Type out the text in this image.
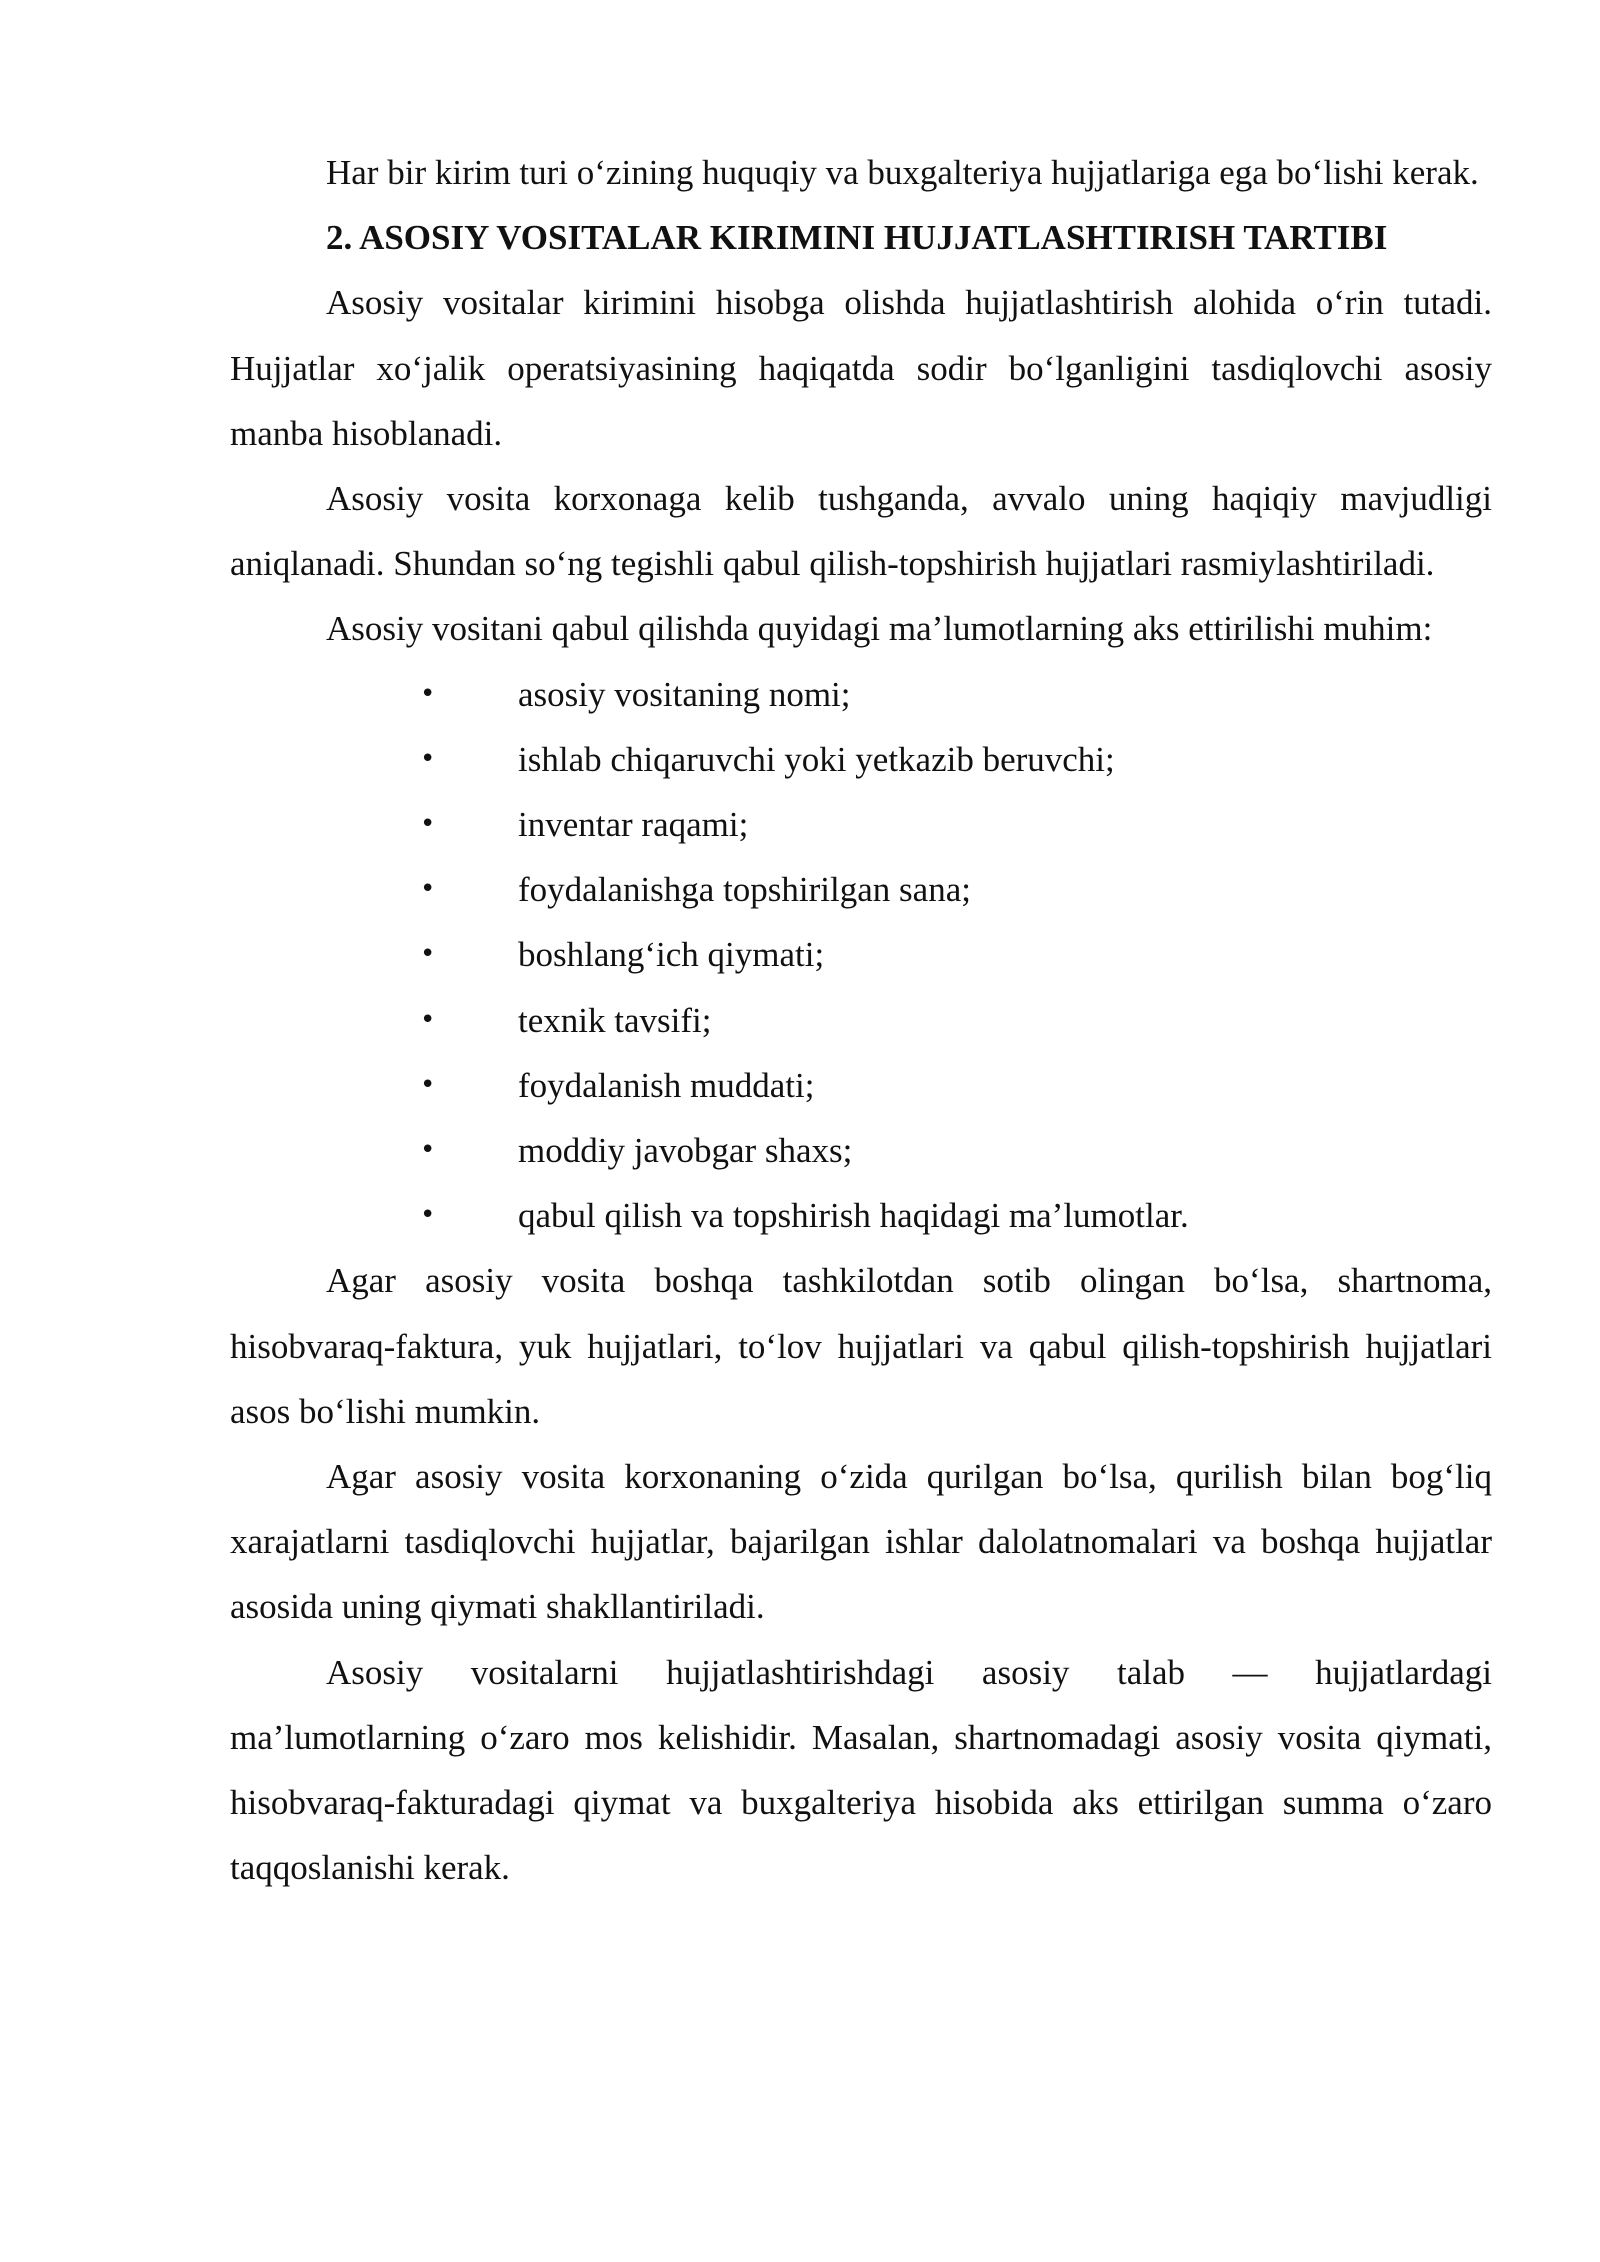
Har bir kirim turi o‘zining huquqiy va buxgalteriya hujjatlariga ega bo‘lishi kerak.

2. ASOSIY VOSITALAR KIRIMINI HUJJATLASHTIRISH TARTIBI

Asosiy vositalar kirimini hisobga olishda hujjatlashtirish alohida o‘rin tutadi. Hujjatlar xo‘jalik operatsiyasining haqiqatda sodir bo‘lganligini tasdiqlovchi asosiy manba hisoblanadi.

Asosiy vosita korxonaga kelib tushganda, avvalo uning haqiqiy mavjudligi aniqlanadi. Shundan so‘ng tegishli qabul qilish-topshirish hujjatlari rasmiylashtiriladi.

Asosiy vositani qabul qilishda quyidagi ma’lumotlarning aks ettirilishi muhim:

• asosiy vositaning nomi;
• ishlab chiqaruvchi yoki yetkazib beruvchi;
• inventar raqami;
• foydalanishga topshirilgan sana;
• boshlang‘ich qiymati;
• texnik tavsifi;
• foydalanish muddati;
• moddiy javobgar shaxs;
• qabul qilish va topshirish haqidagi ma’lumotlar.

Agar asosiy vosita boshqa tashkilotdan sotib olingan bo‘lsa, shartnoma, hisobvaraq-faktura, yuk hujjatlari, to‘lov hujjatlari va qabul qilish-topshirish hujjatlari asos bo‘lishi mumkin.

Agar asosiy vosita korxonaning o‘zida qurilgan bo‘lsa, qurilish bilan bog‘liq xarajatlarni tasdiqlovchi hujjatlar, bajarilgan ishlar dalolatnomalari va boshqa hujjatlar asosida uning qiymati shakllantiriladi.

Asosiy vositalarni hujjatlashtirishdagi asosiy talab — hujjatlardagi ma’lumotlarning o‘zaro mos kelishidir. Masalan, shartnomadagi asosiy vosita qiymati, hisobvaraq-fakturadagi qiymat va buxgalteriya hisobida aks ettirilgan summa o‘zaro taqqoslanishi kerak.
